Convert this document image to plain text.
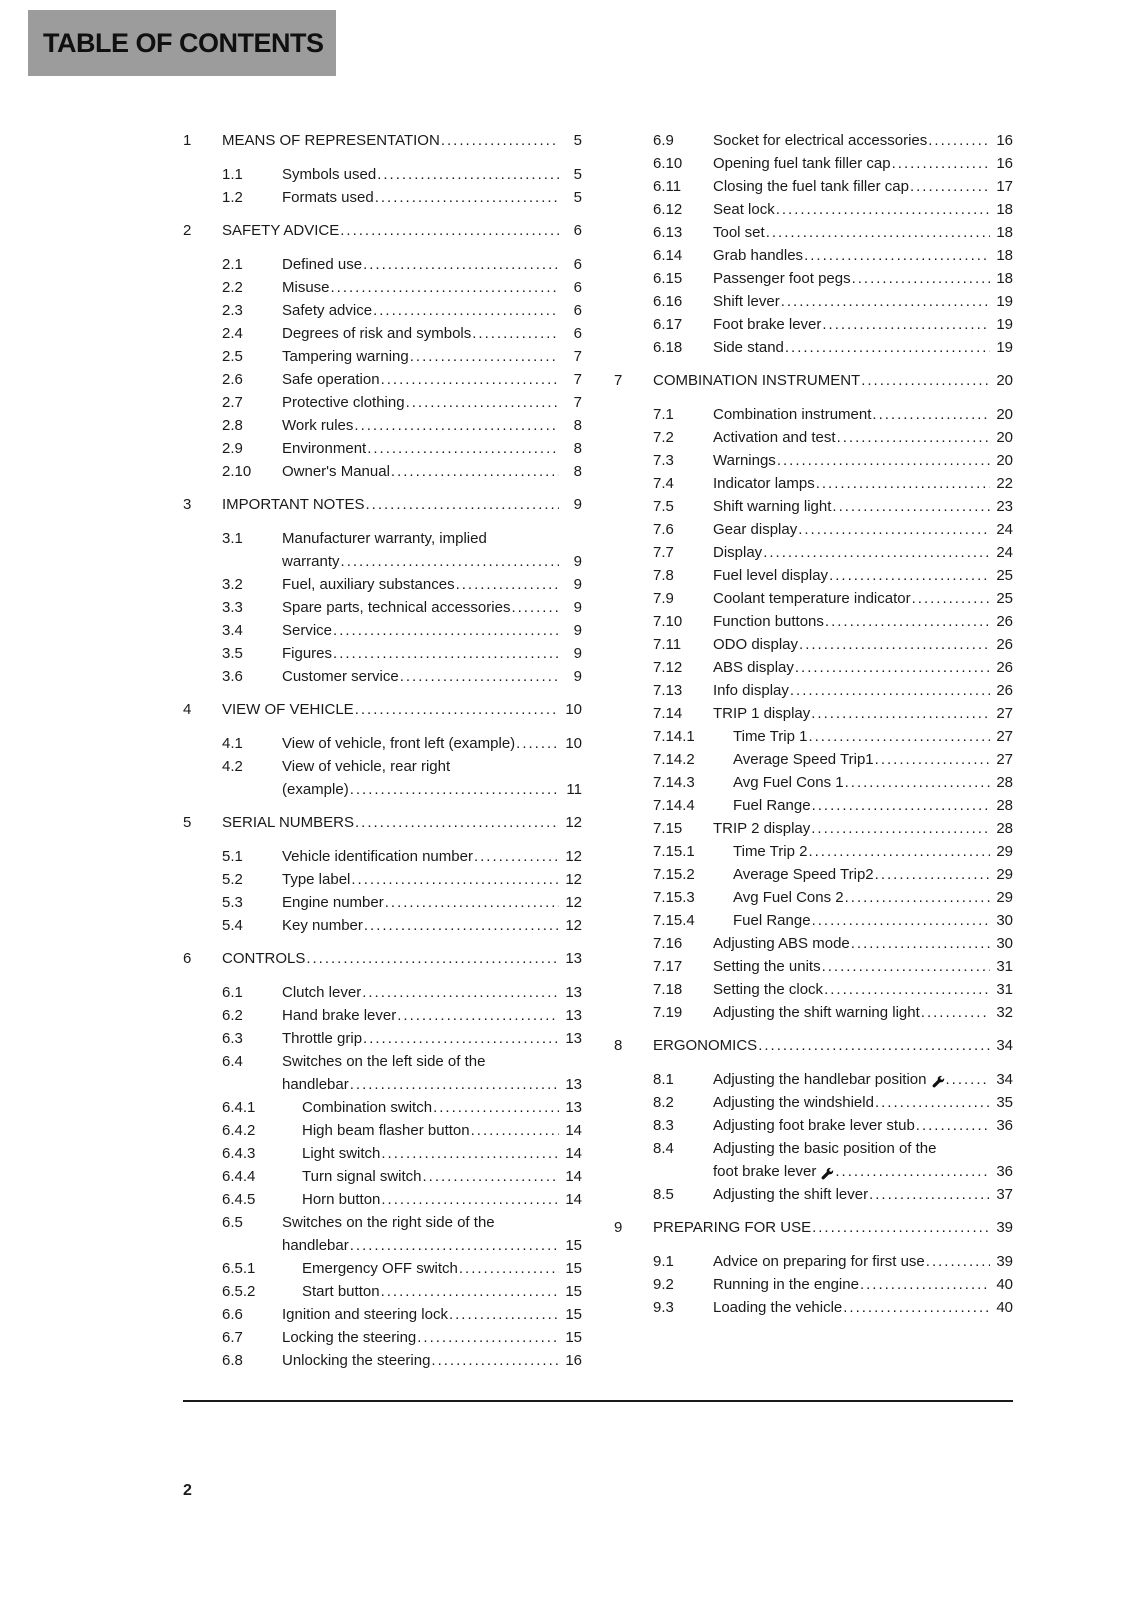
TABLE OF CONTENTS
1	MEANS OF REPRESENTATION .....	5
1.1	Symbols used .....	5
1.2	Formats used .....	5
2	SAFETY ADVICE .....	6
2.1	Defined use .....	6
2.2	Misuse .....	6
2.3	Safety advice .....	6
2.4	Degrees of risk and symbols .....	6
2.5	Tampering warning .....	7
2.6	Safe operation .....	7
2.7	Protective clothing .....	7
2.8	Work rules .....	8
2.9	Environment .....	8
2.10	Owner's Manual .....	8
3	IMPORTANT NOTES .....	9
3.1	Manufacturer warranty, implied
warranty .....	9
3.2	Fuel, auxiliary substances .....	9
3.3	Spare parts, technical accessories .....	9
3.4	Service .....	9
3.5	Figures .....	9
3.6	Customer service .....	9
4	VIEW OF VEHICLE .....	10
4.1	View of vehicle, front left (example) .....	10
4.2	View of vehicle, rear right
(example) .....	11
5	SERIAL NUMBERS .....	12
5.1	Vehicle identification number .....	12
5.2	Type label .....	12
5.3	Engine number .....	12
5.4	Key number .....	12
6	CONTROLS .....	13
6.1	Clutch lever .....	13
6.2	Hand brake lever .....	13
6.3	Throttle grip .....	13
6.4	Switches on the left side of the
handlebar .....	13
6.4.1	Combination switch .....	13
6.4.2	High beam flasher button .....	14
6.4.3	Light switch .....	14
6.4.4	Turn signal switch .....	14
6.4.5	Horn button .....	14
6.5	Switches on the right side of the
handlebar .....	15
6.5.1	Emergency OFF switch .....	15
6.5.2	Start button .....	15
6.6	Ignition and steering lock .....	15
6.7	Locking the steering .....	15
6.8	Unlocking the steering .....	16
6.9	Socket for electrical accessories .....	16
6.10	Opening fuel tank filler cap .....	16
6.11	Closing the fuel tank filler cap .....	17
6.12	Seat lock .....	18
6.13	Tool set .....	18
6.14	Grab handles .....	18
6.15	Passenger foot pegs .....	18
6.16	Shift lever .....	19
6.17	Foot brake lever .....	19
6.18	Side stand .....	19
7	COMBINATION INSTRUMENT .....	20
7.1	Combination instrument .....	20
7.2	Activation and test .....	20
7.3	Warnings .....	20
7.4	Indicator lamps .....	22
7.5	Shift warning light .....	23
7.6	Gear display .....	24
7.7	Display .....	24
7.8	Fuel level display .....	25
7.9	Coolant temperature indicator .....	25
7.10	Function buttons .....	26
7.11	ODO display .....	26
7.12	ABS display .....	26
7.13	Info display .....	26
7.14	TRIP 1 display .....	27
7.14.1	Time Trip 1 .....	27
7.14.2	Average Speed Trip1 .....	27
7.14.3	Avg Fuel Cons 1 .....	28
7.14.4	Fuel Range .....	28
7.15	TRIP 2 display .....	28
7.15.1	Time Trip 2 .....	29
7.15.2	Average Speed Trip2 .....	29
7.15.3	Avg Fuel Cons 2 .....	29
7.15.4	Fuel Range .....	30
7.16	Adjusting ABS mode .....	30
7.17	Setting the units .....	31
7.18	Setting the clock .....	31
7.19	Adjusting the shift warning light .....	32
8	ERGONOMICS .....	34
8.1	Adjusting the handlebar position .....	34
8.2	Adjusting the windshield .....	35
8.3	Adjusting foot brake lever stub .....	36
8.4	Adjusting the basic position of the
foot brake lever .....	36
8.5	Adjusting the shift lever .....	37
9	PREPARING FOR USE .....	39
9.1	Advice on preparing for first use .....	39
9.2	Running in the engine .....	40
9.3	Loading the vehicle .....	40
2
